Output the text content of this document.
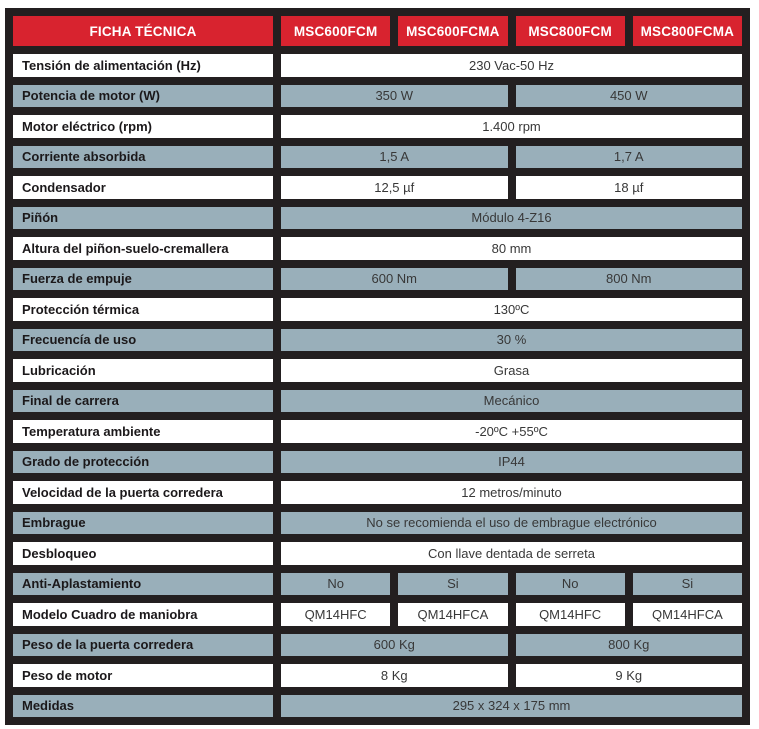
FICHA TÉCNICA	MSC600FCM	MSC600FCMA	MSC800FCM	MSC800FCMA
Tensión de alimentación (Hz)	230 Vac-50 Hz			
Potencia de motor (W)	350 W		450 W	
Motor eléctrico (rpm)	1.400 rpm			
Corriente absorbida	1,5 A		1,7 A	
Condensador	12,5 µf		18 µf	
Piñón	Módulo 4-Z16			
Altura del piñon-suelo-cremallera	80 mm			
Fuerza de empuje	600 Nm		800 Nm	
Protección térmica	130ºC			
Frecuencía de uso	30 %			
Lubricación	Grasa			
Final de carrera	Mecánico			
Temperatura ambiente	-20ºC +55ºC			
Grado de protección	IP44			
Velocidad de la puerta corredera	12 metros/minuto			
Embrague	No se recomienda el uso de embrague electrónico			
Desbloqueo	Con llave dentada de serreta			
Anti-Aplastamiento	No	Si	No	Si
Modelo Cuadro de maniobra	QM14HFC	QM14HFCA	QM14HFC	QM14HFCA
Peso de la puerta corredera	600 Kg		800 Kg	
Peso de motor	8 Kg		9 Kg	
Medidas	295 x 324 x 175 mm			
